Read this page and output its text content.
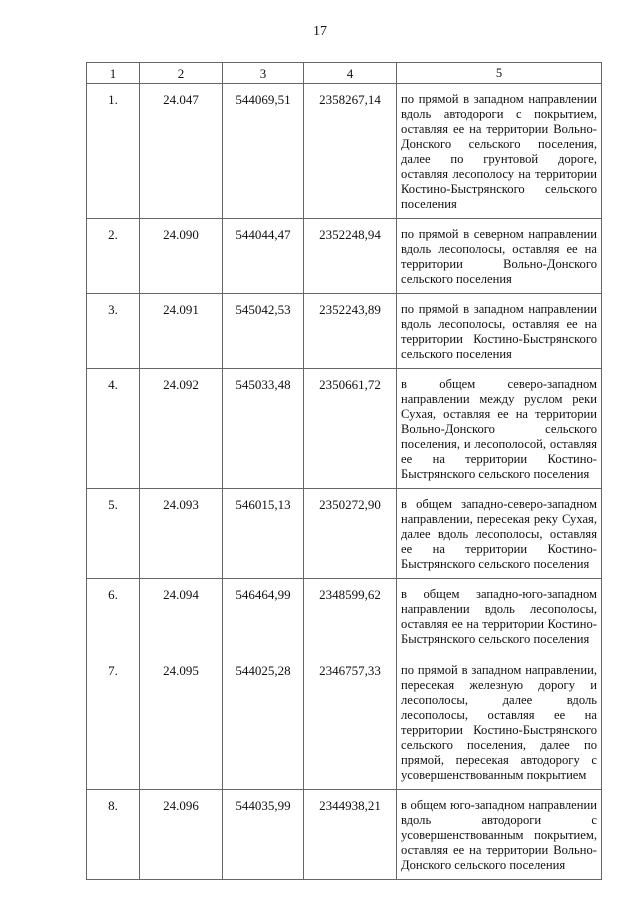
17
1	2	3	4	5
1.	24.047	544069,51	2358267,14	по прямой в западном направлении вдоль автодороги с покрытием, оставляя ее на территории Вольно-Донского сельского поселения, далее по грунтовой дороге, оставляя лесополосу на территории Костино-Быстрянского сельского поселения
2.	24.090	544044,47	2352248,94	по прямой в северном направлении вдоль лесополосы, оставляя ее на территории Вольно-Донского сельского поселения
3.	24.091	545042,53	2352243,89	по прямой в западном направлении вдоль лесополосы, оставляя ее на территории Костино-Быстрянского сельского поселения
4.	24.092	545033,48	2350661,72	в общем северо-западном направлении между руслом реки Сухая, оставляя ее на территории Вольно-Донского сельского поселения, и лесополосой, оставляя ее на территории Костино-Быстрянского сельского поселения
5.	24.093	546015,13	2350272,90	в общем западно-северо-западном направлении, пересекая реку Сухая, далее вдоль лесополосы, оставляя ее на территории Костино-Быстрянского сельского поселения
6.	24.094	546464,99	2348599,62	в общем западно-юго-западном направлении вдоль лесополосы, оставляя ее на территории Костино-Быстрянского сельского поселения
7.	24.095	544025,28	2346757,33	по прямой в западном направлении, пересекая железную дорогу и лесополосы, далее вдоль лесополосы, оставляя ее на территории Костино-Быстрянского сельского поселения, далее по прямой, пересекая автодорогу с усовершенствованным покрытием
8.	24.096	544035,99	2344938,21	в общем юго-западном направлении вдоль автодороги с усовершенствованным покрытием, оставляя ее на территории Вольно-Донского сельского поселения
